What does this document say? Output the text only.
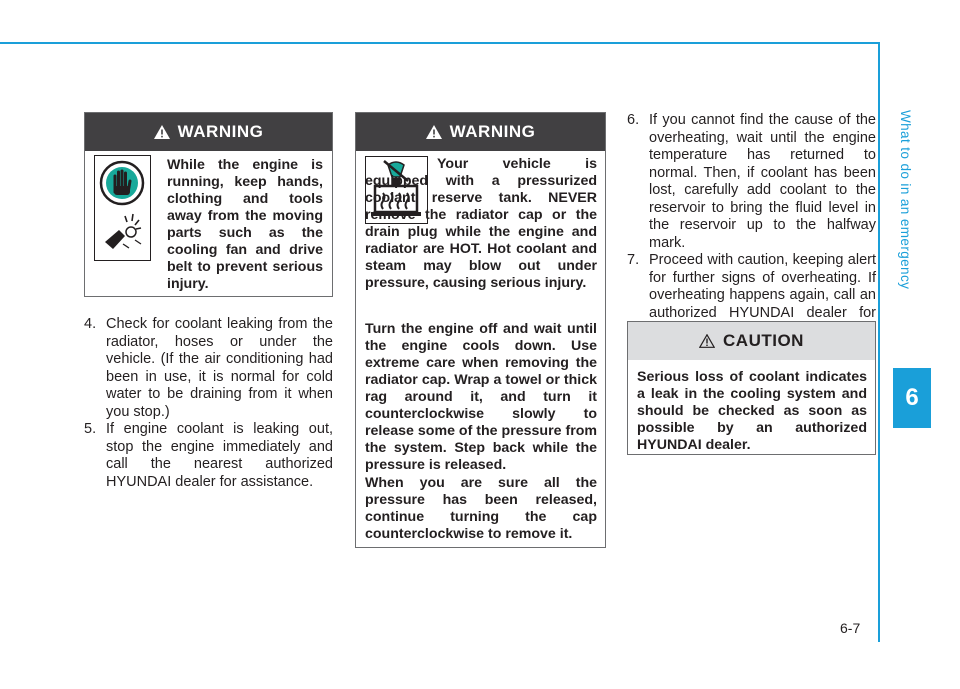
What to do in an emergency
6
6-7
WARNING
While the engine is running, keep hands, clothing and tools away from the moving parts such as the cooling fan and drive belt to prevent serious injury.
4. Check for coolant leaking from the radiator, hoses or under the vehicle. (If the air conditioning had been in use, it is normal for cold water to be draining from it when you stop.)
5. If engine coolant is leaking out, stop the engine immediately and call the nearest authorized HYUNDAI dealer for assistance.
WARNING
Your vehicle is equipped with a pressurized coolant reserve tank. NEVER remove the radiator cap or the drain plug while the engine and radiator are HOT. Hot coolant and steam may blow out under pressure, causing serious injury.
Turn the engine off and wait until the engine cools down. Use extreme care when removing the radiator cap. Wrap a towel or thick rag around it, and turn it counterclockwise slowly to release some of the pressure from the system. Step back while the pressure is released.
When you are sure all the pressure has been released, continue turning the cap counterclockwise to remove it.
6. If you cannot find the cause of the overheating, wait until the engine temperature has returned to normal. Then, if coolant has been lost, carefully add coolant to the reservoir to bring the fluid level in the reservoir up to the halfway mark.
7. Proceed with caution, keeping alert for further signs of overheating. If overheating happens again, call an authorized HYUNDAI dealer for
CAUTION
Serious loss of coolant indicates a leak in the cooling system and should be checked as soon as possible by an authorized HYUNDAI dealer.
